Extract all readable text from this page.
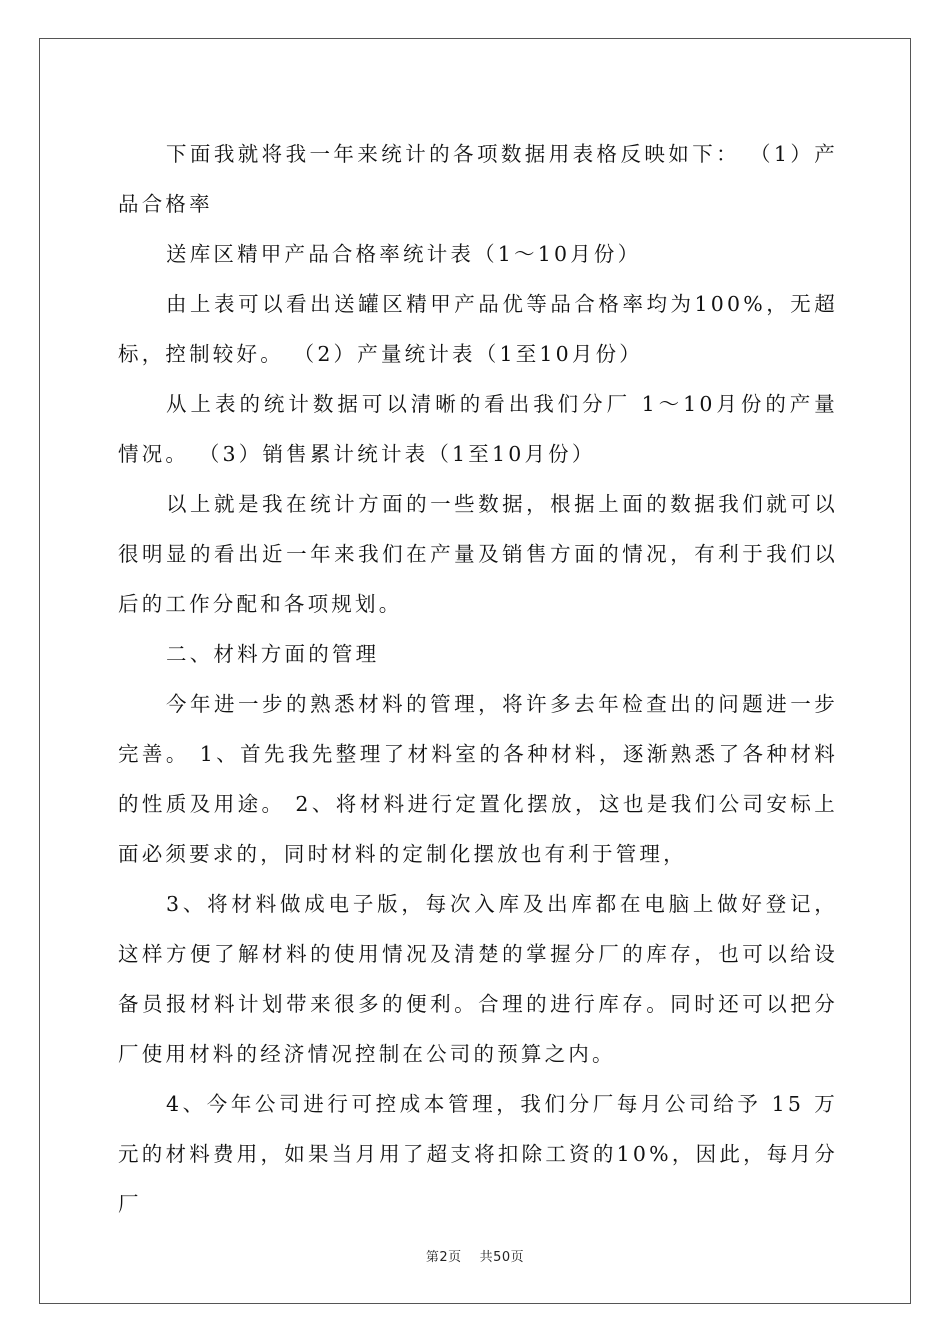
下面我就将我一年来统计的各项数据用表格反映如下： （1）产品合格率

送库区精甲产品合格率统计表（1～10月份）

由上表可以看出送罐区精甲产品优等品合格率均为100%，无超标，控制较好。 （2）产量统计表（1至10月份）

从上表的统计数据可以清晰的看出我们分厂 1～10月份的产量情况。 （3）销售累计统计表（1至10月份）

以上就是我在统计方面的一些数据，根据上面的数据我们就可以很明显的看出近一年来我们在产量及销售方面的情况，有利于我们以后的工作分配和各项规划。

二、材料方面的管理

今年进一步的熟悉材料的管理，将许多去年检查出的问题进一步完善。 1、首先我先整理了材料室的各种材料，逐渐熟悉了各种材料的性质及用途。 2、将材料进行定置化摆放，这也是我们公司安标上面必须要求的，同时材料的定制化摆放也有利于管理，

3、将材料做成电子版，每次入库及出库都在电脑上做好登记，这样方便了解材料的使用情况及清楚的掌握分厂的库存，也可以给设备员报材料计划带来很多的便利。合理的进行库存。同时还可以把分厂使用材料的经济情况控制在公司的预算之内。

4、今年公司进行可控成本管理，我们分厂每月公司给予 15 万元的材料费用，如果当月用了超支将扣除工资的10%，因此，每月分厂

第2页 共50页
